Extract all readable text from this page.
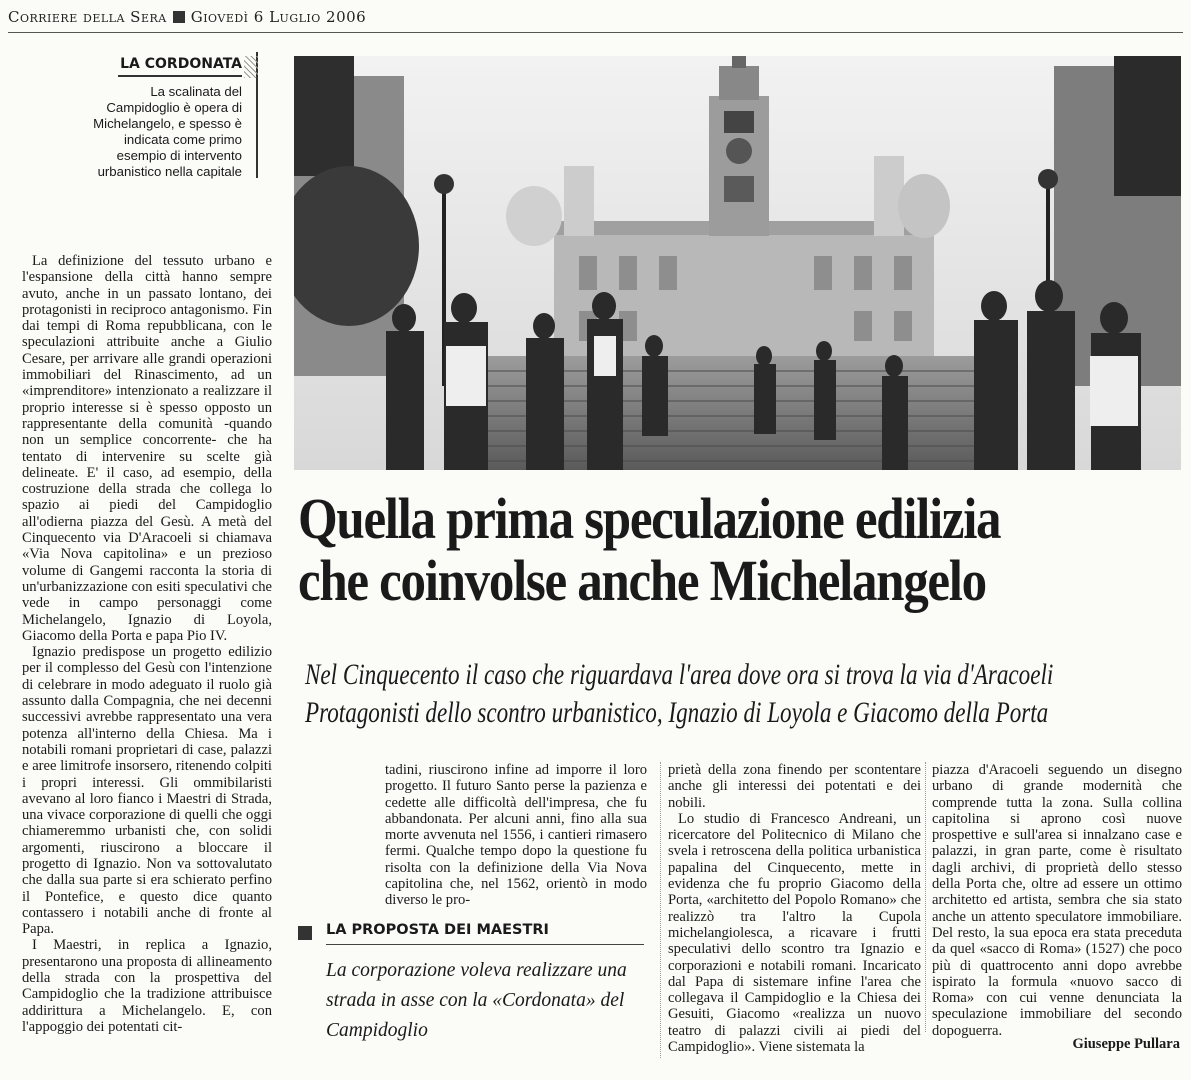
Corriere della Sera Giovedì 6 Luglio 2006
LA CORDONATA
La scalinata del Campidoglio è opera di Michelangelo, e spesso è indicata come primo esempio di intervento urbanistico nella capitale
Quella prima speculazione edilizia
che coinvolse anche Michelangelo
Nel Cinquecento il caso che riguardava l'area dove ora si trova la via d'Aracoeli
Protagonisti dello scontro urbanistico, Ignazio di Loyola e Giacomo della Porta

La definizione del tessuto urbano e l'espansione della città hanno sempre avuto, anche in un passato lontano, dei protagonisti in reciproco antagonismo. Fin dai tempi di Roma repubblicana, con le speculazioni attribuite anche a Giulio Cesare, per arrivare alle grandi operazioni immobiliari del Rinascimento, ad un «imprenditore» intenzionato a realizzare il proprio interesse si è spesso opposto un rappresentante della comunità -quando non un semplice concorrente- che ha tentato di intervenire su scelte già delineate. E' il caso, ad esempio, della costruzione della strada che collega lo spazio ai piedi del Campidoglio all'odierna piazza del Gesù. A metà del Cinquecento via D'Aracoeli si chiamava «Via Nova capitolina» e un prezioso volume di Gangemi racconta la storia di un'urbanizzazione con esiti speculativi che vede in campo personaggi come Michelangelo, Ignazio di Loyola, Giacomo della Porta e papa Pio IV.

Ignazio predispose un progetto edilizio per il complesso del Gesù con l'intenzione di celebrare in modo adeguato il ruolo già assunto dalla Compagnia, che nei decenni successivi avrebbe rappresentato una vera potenza all'interno della Chiesa. Ma i notabili romani proprietari di case, palazzi e aree limitrofe insorsero, ritenendo colpiti i propri interessi. Gli ommibilaristi avevano al loro fianco i Maestri di Strada, una vivace corporazione di quelli che oggi chiameremmo urbanisti che, con solidi argomenti, riuscirono a bloccare il progetto di Ignazio. Non va sottovalutato che dalla sua parte si era schierato perfino il Pontefice, e questo dice quanto contassero i notabili anche di fronte al Papa.

I Maestri, in replica a Ignazio, presentarono una proposta di allineamento della strada con la prospettiva del Campidoglio che la tradizione attribuisce addirittura a Michelangelo. E, con l'appoggio dei potentati cit-

tadini, riuscirono infine ad imporre il loro progetto. Il futuro Santo perse la pazienza e cedette alle difficoltà dell'impresa, che fu abbandonata. Per alcuni anni, fino alla sua morte avvenuta nel 1556, i cantieri rimasero fermi. Qualche tempo dopo la questione fu risolta con la definizione della Via Nova capitolina che, nel 1562, orientò in modo diverso le pro-

prietà della zona finendo per scontentare anche gli interessi dei potentati e dei nobili.

Lo studio di Francesco Andreani, un ricercatore del Politecnico di Milano che svela i retroscena della politica urbanistica papalina del Cinquecento, mette in evidenza che fu proprio Giacomo della Porta, «architetto del Popolo Romano» che realizzò tra l'altro la Cupola michelangiolesca, a ricavare i frutti speculativi dello scontro tra Ignazio e corporazioni e notabili romani. Incaricato dal Papa di sistemare infine l'area che collegava il Campidoglio e la Chiesa dei Gesuiti, Giacomo «realizza un nuovo teatro di palazzi civili ai piedi del Campidoglio». Viene sistemata la

piazza d'Aracoeli seguendo un disegno urbano di grande modernità che comprende tutta la zona. Sulla collina capitolina si aprono così nuove prospettive e sull'area si innalzano case e palazzi, in gran parte, come è risultato dagli archivi, di proprietà dello stesso della Porta che, oltre ad essere un ottimo architetto ed artista, sembra che sia stato anche un attento speculatore immobiliare. Del resto, la sua epoca era stata preceduta da quel «sacco di Roma» (1527) che poco più di quattrocento anni dopo avrebbe ispirato la formula «nuovo sacco di Roma» con cui venne denunciata la speculazione immobiliare del secondo dopoguerra.

LA PROPOSTA DEI MAESTRI
La corporazione voleva realizzare una strada in asse con la «Cordonata» del Campidoglio
Giuseppe Pullara
